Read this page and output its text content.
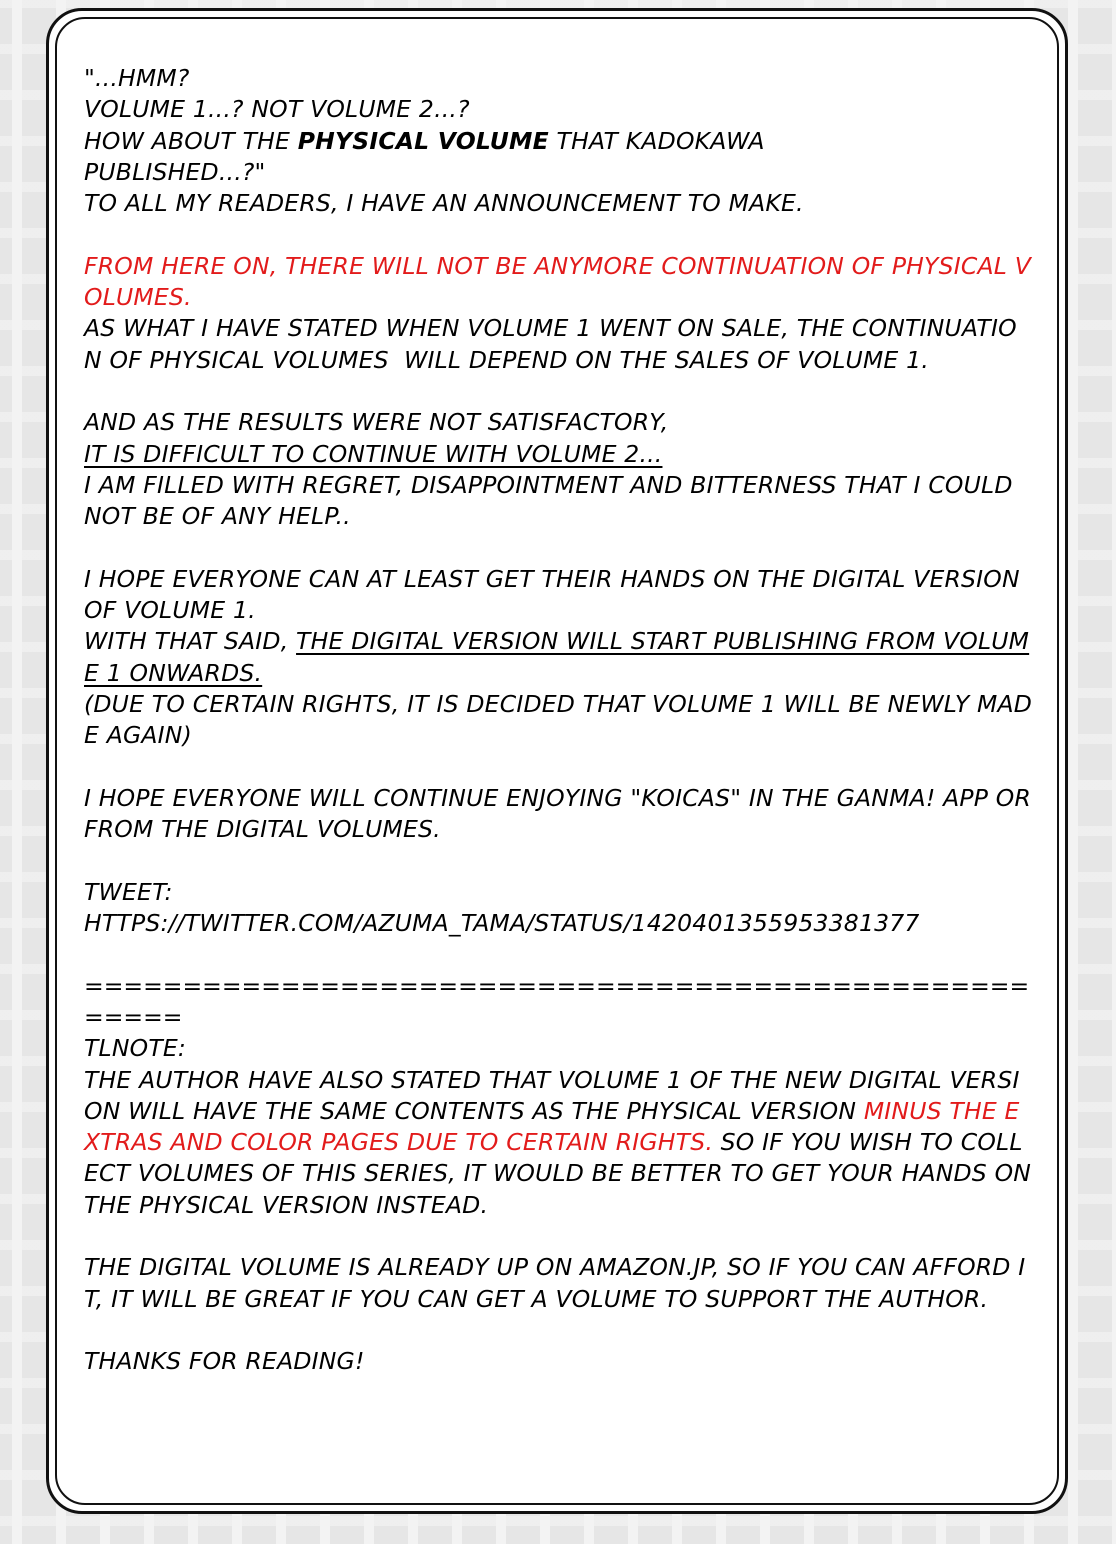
"...HMM?
VOLUME 1...? NOT VOLUME 2...?
HOW ABOUT THE PHYSICAL VOLUME THAT KADOKAWA
PUBLISHED...?"
TO ALL MY READERS, I HAVE AN ANNOUNCEMENT TO MAKE.
FROM HERE ON, THERE WILL NOT BE ANYMORE CONTINUATION OF PHYSICAL VOLUMES.
AS WHAT I HAVE STATED WHEN VOLUME 1 WENT ON SALE, THE CONTINUATION OF PHYSICAL VOLUMES  WILL DEPEND ON THE SALES OF VOLUME 1.
AND AS THE RESULTS WERE NOT SATISFACTORY,
IT IS DIFFICULT TO CONTINUE WITH VOLUME 2...
I AM FILLED WITH REGRET, DISAPPOINTMENT AND BITTERNESS THAT I COULD NOT BE OF ANY HELP..
I HOPE EVERYONE CAN AT LEAST GET THEIR HANDS ON THE DIGITAL VERSION OF VOLUME 1.
WITH THAT SAID, THE DIGITAL VERSION WILL START PUBLISHING FROM VOLUME 1 ONWARDS.
(DUE TO CERTAIN RIGHTS, IT IS DECIDED THAT VOLUME 1 WILL BE NEWLY MADE AGAIN)
I HOPE EVERYONE WILL CONTINUE ENJOYING "KOICAS" IN THE GANMA! APP OR FROM THE DIGITAL VOLUMES.
TWEET:
HTTPS://TWITTER.COM/AZUMA_TAMA/STATUS/1420401355953381377
=====================================================
TLNOTE:
THE AUTHOR HAVE ALSO STATED THAT VOLUME 1 OF THE NEW DIGITAL VERSION WILL HAVE THE SAME CONTENTS AS THE PHYSICAL VERSION MINUS THE EXTRAS AND COLOR PAGES DUE TO CERTAIN RIGHTS. SO IF YOU WISH TO COLLECT VOLUMES OF THIS SERIES, IT WOULD BE BETTER TO GET YOUR HANDS ON THE PHYSICAL VERSION INSTEAD.
THE DIGITAL VOLUME IS ALREADY UP ON AMAZON.JP, SO IF YOU CAN AFFORD IT, IT WILL BE GREAT IF YOU CAN GET A VOLUME TO SUPPORT THE AUTHOR.
THANKS FOR READING!
